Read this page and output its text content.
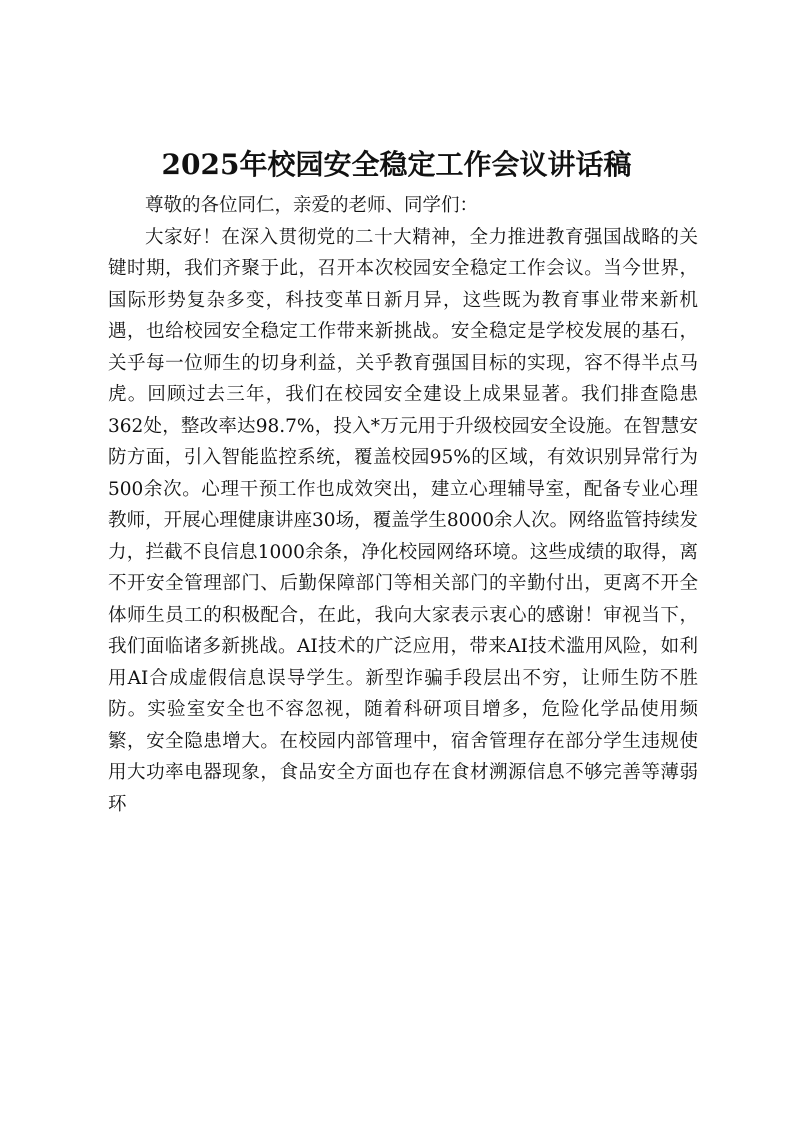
2025年校园安全稳定工作会议讲话稿

尊敬的各位同仁，亲爱的老师、同学们：

大家好！在深入贯彻党的二十大精神，全力推进教育强国战略的关键时期，我们齐聚于此，召开本次校园安全稳定工作会议。当今世界，国际形势复杂多变，科技变革日新月异，这些既为教育事业带来新机遇，也给校园安全稳定工作带来新挑战。安全稳定是学校发展的基石，关乎每一位师生的切身利益，关乎教育强国目标的实现，容不得半点马虎。回顾过去三年，我们在校园安全建设上成果显著。我们排查隐患362处，整改率达98.7%，投入*万元用于升级校园安全设施。在智慧安防方面，引入智能监控系统，覆盖校园95%的区域，有效识别异常行为500余次。心理干预工作也成效突出，建立心理辅导室，配备专业心理教师，开展心理健康讲座30场，覆盖学生8000余人次。网络监管持续发力，拦截不良信息1000余条，净化校园网络环境。这些成绩的取得，离不开安全管理部门、后勤保障部门等相关部门的辛勤付出，更离不开全体师生员工的积极配合，在此，我向大家表示衷心的感谢！审视当下，我们面临诸多新挑战。AI技术的广泛应用，带来AI技术滥用风险，如利用AI合成虚假信息误导学生。新型诈骗手段层出不穷，让师生防不胜防。实验室安全也不容忽视，随着科研项目增多，危险化学品使用频繁，安全隐患增大。在校园内部管理中，宿舍管理存在部分学生违规使用大功率电器现象，食品安全方面也存在食材溯源信息不够完善等薄弱环
